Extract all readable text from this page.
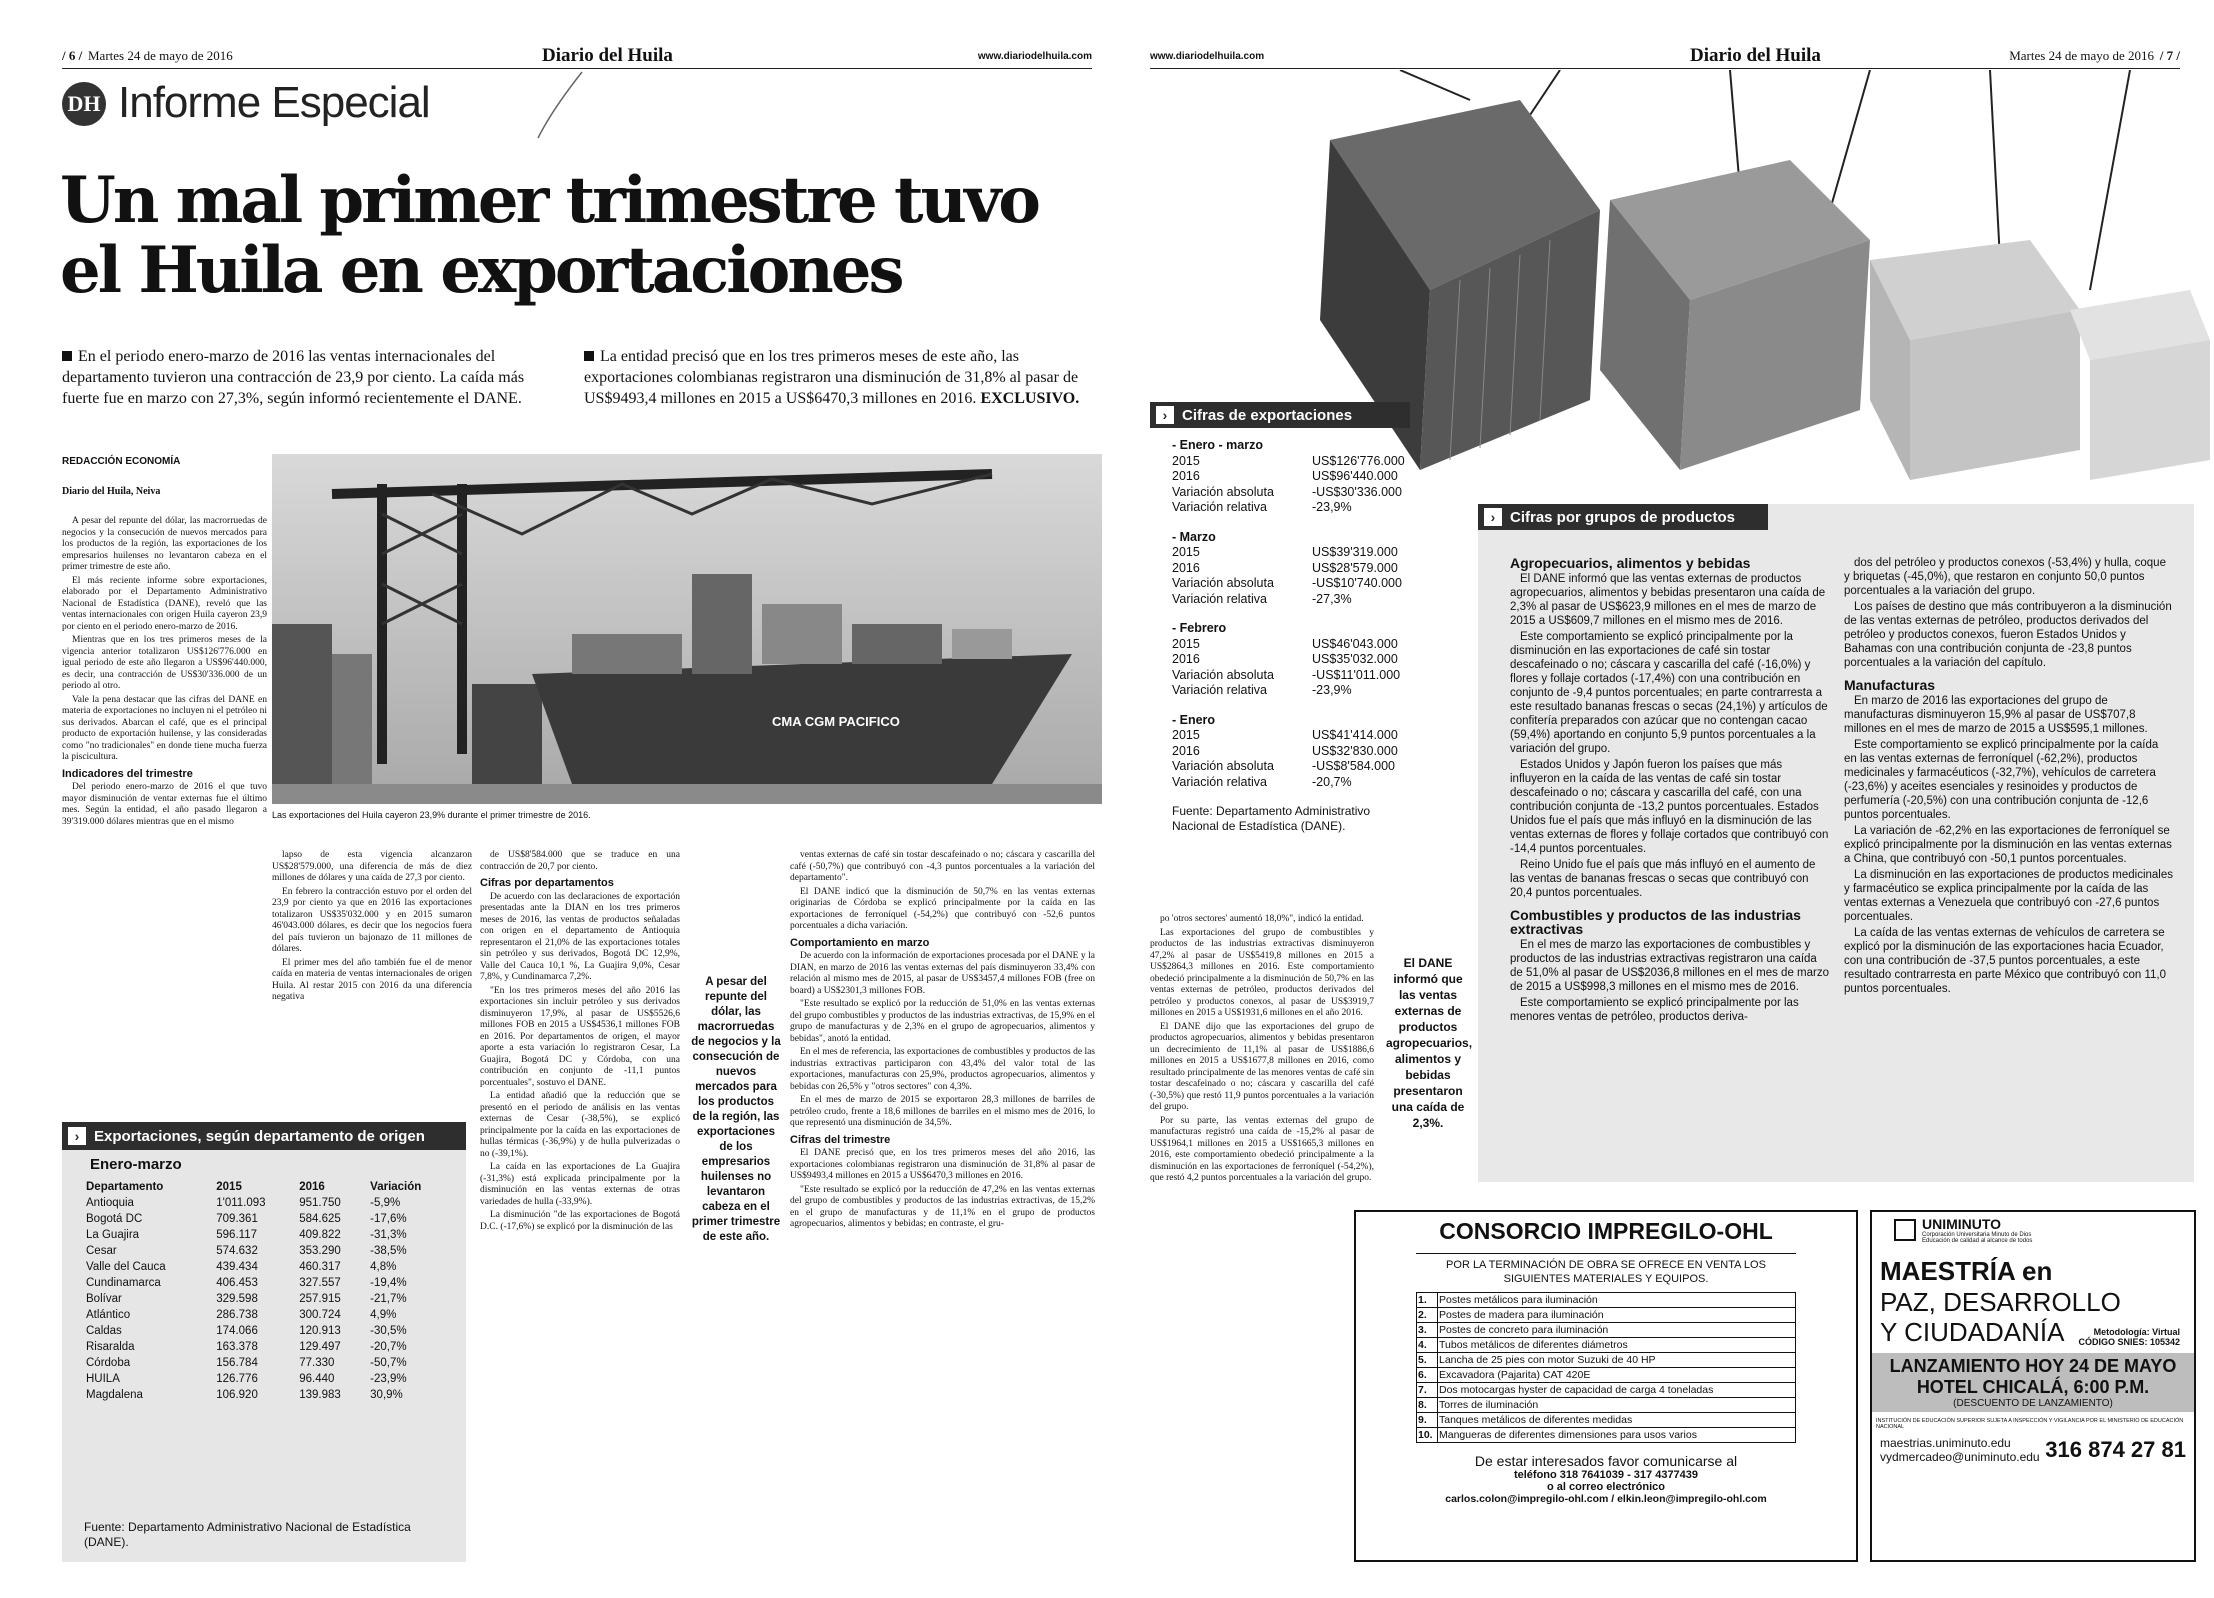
/ 6 / Martes 24 de mayo de 2016	Diario del Huila	www.diariodelhuila.com
DH Informe Especial
Un mal primer trimestre tuvo
el Huila en exportaciones
En el periodo enero-marzo de 2016 las ventas internacionales del departamento tuvieron una contracción de 23,9 por ciento. La caída más fuerte fue en marzo con 27,3%, según informó recientemente el DANE.
La entidad precisó que en los tres primeros meses de este año, las exportaciones colombianas registraron una disminución de 31,8% al pasar de US$9493,4 millones en 2015 a US$6470,3 millones en 2016. EXCLUSIVO.
REDACCIÓN ECONOMÍA
Diario del Huila, Neiva

A pesar del repunte del dólar, las macrorruedas de negocios y la consecución de nuevos mercados para los productos de la región, las exportaciones de los empresarios huilenses no levantaron cabeza en el primer trimestre de este año.

El más reciente informe sobre exportaciones, elaborado por el Departamento Administrativo Nacional de Estadística (DANE), reveló que las ventas internacionales con origen Huila cayeron 23,9 por ciento en el periodo enero-marzo de 2016.

Mientras que en los tres primeros meses de la vigencia anterior totalizaron US$126'776.000 en igual periodo de este año llegaron a US$96'440.000, es decir, una contracción de US$30'336.000 de un periodo al otro.

Vale la pena destacar que las cifras del DANE en materia de exportaciones no incluyen ni el petróleo ni sus derivados. Abarcan el café, que es el principal producto de exportación huilense, y las consideradas como "no tradicionales" en donde tiene mucha fuerza la piscicultura.

Indicadores del trimestre

Del periodo enero-marzo de 2016 el que tuvo mayor disminución de ventar externas fue el último mes. Según la entidad, el año pasado llegaron a 39'319.000 dólares mientras que en el mismo

CMA CGM PACIFICO
Las exportaciones del Huila cayeron 23,9% durante el primer trimestre de 2016.

lapso de esta vigencia alcanzaron US$28'579.000, una diferencia de más de diez millones de dólares y una caída de 27,3 por ciento.

En febrero la contracción estuvo por el orden del 23,9 por ciento ya que en 2016 las exportaciones totalizaron US$35'032.000 y en 2015 sumaron 46'043.000 dólares, es decir que los negocios fuera del país tuvieron un bajonazo de 11 millones de dólares.

El primer mes del año también fue el de menor caída en materia de ventas internacionales de origen Huila. Al restar 2015 con 2016 da una diferencia negativa

de US$8'584.000 que se traduce en una contracción de 20,7 por ciento.

Cifras por departamentos

De acuerdo con las declaraciones de exportación presentadas ante la DIAN en los tres primeros meses de 2016, las ventas de productos señaladas con origen en el departamento de Antioquia representaron el 21,0% de las exportaciones totales sin petróleo y sus derivados, Bogotá DC 12,9%, Valle del Cauca 10,1 %, La Guajira 9,0%, Cesar 7,8%, y Cundinamarca 7,2%.

"En los tres primeros meses del año 2016 las exportaciones sin incluir petróleo y sus derivados disminuyeron 17,9%, al pasar de US$5526,6 millones FOB en 2015 a US$4536,1 millones FOB en 2016. Por departamentos de origen, el mayor aporte a esta variación lo registraron Cesar, La Guajira, Bogotá DC y Córdoba, con una contribución en conjunto de -11,1 puntos porcentuales", sostuvo el DANE.

La entidad añadió que la reducción que se presentó en el periodo de análisis en las ventas externas de Cesar (-38,5%), se explicó principalmente por la caída en las exportaciones de hullas térmicas (-36,9%) y de hulla pulverizadas o no (-39,1%).

La caída en las exportaciones de La Guajira (-31,3%) está explicada principalmente por la disminución en las ventas externas de otras variedades de hulla (-33,9%).

La disminución "de las exportaciones de Bogotá D.C. (-17,6%) se explicó por la disminución de las

A pesar del repunte del dólar, las macrorruedas de negocios y la consecución de nuevos mercados para los productos de la región, las exportaciones de los empresarios huilenses no levantaron cabeza en el primer trimestre de este año.

ventas externas de café sin tostar descafeinado o no; cáscara y cascarilla del café (-50,7%) que contribuyó con -4,3 puntos porcentuales a la variación del departamento".

El DANE indicó que la disminución de 50,7% en las ventas externas originarias de Córdoba se explicó principalmente por la caída en las exportaciones de ferroníquel (-54,2%) que contribuyó con -52,6 puntos porcentuales a dicha variación.

Comportamiento en marzo

De acuerdo con la información de exportaciones procesada por el DANE y la DIAN, en marzo de 2016 las ventas externas del país disminuyeron 33,4% con relación al mismo mes de 2015, al pasar de US$3457,4 millones FOB (free on board) a US$2301,3 millones FOB.

"Este resultado se explicó por la reducción de 51,0% en las ventas externas del grupo combustibles y productos de las industrias extractivas, de 15,9% en el grupo de manufacturas y de 2,3% en el grupo de agropecuarios, alimentos y bebidas", anotó la entidad.

En el mes de referencia, las exportaciones de combustibles y productos de las industrias extractivas participaron con 43,4% del valor total de las exportaciones, manufacturas con 25,9%, productos agropecuarios, alimentos y bebidas con 26,5% y "otros sectores" con 4,3%.

En el mes de marzo de 2015 se exportaron 28,3 millones de barriles de petróleo crudo, frente a 18,6 millones de barriles en el mismo mes de 2016, lo que representó una disminución de 34,5%.

Cifras del trimestre

El DANE precisó que, en los tres primeros meses del año 2016, las exportaciones colombianas registraron una disminución de 31,8% al pasar de US$9493,4 millones en 2015 a US$6470,3 millones en 2016.

"Este resultado se explicó por la reducción de 47,2% en las ventas externas del grupo de combustibles y productos de las industrias extractivas, de 15,2% en el grupo de manufacturas y de 11,1% en el grupo de productos agropecuarios, alimentos y bebidas; en contraste, el gru-

› Exportaciones, según departamento de origen
Enero-marzo
Departamento	2015	2016	Variación
Antioquia	1'011.093	951.750	-5,9%
Bogotá DC	709.361	584.625	-17,6%
La Guajira	596.117	409.822	-31,3%
Cesar	574.632	353.290	-38,5%
Valle del Cauca	439.434	460.317	4,8%
Cundinamarca	406.453	327.557	-19,4%
Bolívar	329.598	257.915	-21,7%
Atlántico	286.738	300.724	4,9%
Caldas	174.066	120.913	-30,5%
Risaralda	163.378	129.497	-20,7%
Córdoba	156.784	77.330	-50,7%
HUILA	126.776	96.440	-23,9%
Magdalena	106.920	139.983	30,9%
Fuente: Departamento Administrativo Nacional de Estadística (DANE).
www.diariodelhuila.com	Diario del Huila	Martes 24 de mayo de 2016 / 7 /
› Cifras de exportaciones
- Enero - marzo
2015	US$126'776.000
2016	US$96'440.000
Variación absoluta	-US$30'336.000
Variación relativa	-23,9%
- Marzo
2015	US$39'319.000
2016	US$28'579.000
Variación absoluta	-US$10'740.000
Variación relativa	-27,3%
- Febrero
2015	US$46'043.000
2016	US$35'032.000
Variación absoluta	-US$11'011.000
Variación relativa	-23,9%
- Enero
2015	US$41'414.000
2016	US$32'830.000
Variación absoluta	-US$8'584.000
Variación relativa	-20,7%
Fuente: Departamento Administrativo Nacional de Estadística (DANE).

po 'otros sectores' aumentó 18,0%", indicó la entidad.

Las exportaciones del grupo de combustibles y productos de las industrias extractivas disminuyeron 47,2% al pasar de US$5419,8 millones en 2015 a US$2864,3 millones en 2016. Este comportamiento obedeció principalmente a la disminución de 50,7% en las ventas externas de petróleo, productos derivados del petróleo y productos conexos, al pasar de US$3919,7 millones en 2015 a US$1931,6 millones en el año 2016.

El DANE dijo que las exportaciones del grupo de productos agropecuarios, alimentos y bebidas presentaron un decrecimiento de 11,1% al pasar de US$1886,6 millones en 2015 a US$1677,8 millones en 2016, como resultado principalmente de las menores ventas de café sin tostar descafeinado o no; cáscara y cascarilla del café (-30,5%) que restó 11,9 puntos porcentuales a la variación del grupo.

Por su parte, las ventas externas del grupo de manufacturas registró una caída de -15,2% al pasar de US$1964,1 millones en 2015 a US$1665,3 millones en 2016, este comportamiento obedeció principalmente a la disminución en las exportaciones de ferroníquel (-54,2%), que restó 4,2 puntos porcentuales a la variación del grupo.

El DANE informó que las ventas externas de productos agropecuarios, alimentos y bebidas presentaron una caída de 2,3%.
› Cifras por grupos de productos
Agropecuarios, alimentos y bebidas

El DANE informó que las ventas externas de productos agropecuarios, alimentos y bebidas presentaron una caída de 2,3% al pasar de US$623,9 millones en el mes de marzo de 2015 a US$609,7 millones en el mismo mes de 2016.

Este comportamiento se explicó principalmente por la disminución en las exportaciones de café sin tostar descafeinado o no; cáscara y cascarilla del café (-16,0%) y flores y follaje cortados (-17,4%) con una contribución en conjunto de -9,4 puntos porcentuales; en parte contrarresta a este resultado bananas frescas o secas (24,1%) y artículos de confitería preparados con azúcar que no contengan cacao (59,4%) aportando en conjunto 5,9 puntos porcentuales a la variación del grupo.

Estados Unidos y Japón fueron los países que más influyeron en la caída de las ventas de café sin tostar descafeinado o no; cáscara y cascarilla del café, con una contribución conjunta de -13,2 puntos porcentuales. Estados Unidos fue el país que más influyó en la disminución de las ventas externas de flores y follaje cortados que contribuyó con -14,4 puntos porcentuales.

Reino Unido fue el país que más influyó en el aumento de las ventas de bananas frescas o secas que contribuyó con 20,4 puntos porcentuales.

Combustibles y productos de las industrias extractivas

En el mes de marzo las exportaciones de combustibles y productos de las industrias extractivas registraron una caída de 51,0% al pasar de US$2036,8 millones en el mes de marzo de 2015 a US$998,3 millones en el mismo mes de 2016.

Este comportamiento se explicó principalmente por las menores ventas de petróleo, productos deriva-

dos del petróleo y productos conexos (-53,4%) y hulla, coque y briquetas (-45,0%), que restaron en conjunto 50,0 puntos porcentuales a la variación del grupo.

Los países de destino que más contribuyeron a la disminución de las ventas externas de petróleo, productos derivados del petróleo y productos conexos, fueron Estados Unidos y Bahamas con una contribución conjunta de -23,8 puntos porcentuales a la variación del capítulo.

Manufacturas

En marzo de 2016 las exportaciones del grupo de manufacturas disminuyeron 15,9% al pasar de US$707,8 millones en el mes de marzo de 2015 a US$595,1 millones.

Este comportamiento se explicó principalmente por la caída en las ventas externas de ferroníquel (-62,2%), productos medicinales y farmacéuticos (-32,7%), vehículos de carretera (-23,6%) y aceites esenciales y resinoides y productos de perfumería (-20,5%) con una contribución conjunta de -12,6 puntos porcentuales.

La variación de -62,2% en las exportaciones de ferroníquel se explicó principalmente por la disminución en las ventas externas a China, que contribuyó con -50,1 puntos porcentuales.

La disminución en las exportaciones de productos medicinales y farmacéutico se explica principalmente por la caída de las ventas externas a Venezuela que contribuyó con -27,6 puntos porcentuales.

La caída de las ventas externas de vehículos de carretera se explicó por la disminución de las exportaciones hacia Ecuador, con una contribución de -37,5 puntos porcentuales, a este resultado contrarresta en parte México que contribuyó con 11,0 puntos porcentuales.

CONSORCIO IMPREGILO-OHL
POR LA TERMINACIÓN DE OBRA SE OFRECE EN VENTA LOS SIGUIENTES MATERIALES Y EQUIPOS.
1.	Postes metálicos para iluminación
2.	Postes de madera para iluminación
3.	Postes de concreto para iluminación
4.	Tubos metálicos de diferentes diámetros
5.	Lancha de 25 pies con motor Suzuki de 40 HP
6.	Excavadora (Pajarita) CAT 420E
7.	Dos motocargas hyster de capacidad de carga 4 toneladas
8.	Torres de iluminación
9.	Tanques metálicos de diferentes medidas
10.	Mangueras de diferentes dimensiones para usos varios
De estar interesados favor comunicarse al
teléfono 318 7641039 - 317 4377439
o al correo electrónico
carlos.colon@impregilo-ohl.com / elkin.leon@impregilo-ohl.com
UNIMINUTO
Corporación Universitaria Minuto de Dios
Educación de calidad al alcance de todos
MAESTRÍA en
PAZ, DESARROLLO
Y CIUDADANÍA	Metodología: Virtual
CÓDIGO SNIES: 105342
LANZAMIENTO HOY 24 DE MAYO
HOTEL CHICALÁ, 6:00 P.M.
(DESCUENTO DE LANZAMIENTO)
INSTITUCIÓN DE EDUCACIÓN SUPERIOR SUJETA A INSPECCIÓN Y VIGILANCIA POR EL MINISTERIO DE EDUCACIÓN NACIONAL
maestrias.uniminuto.edu
vydmercadeo@uniminuto.edu 316 874 27 81
